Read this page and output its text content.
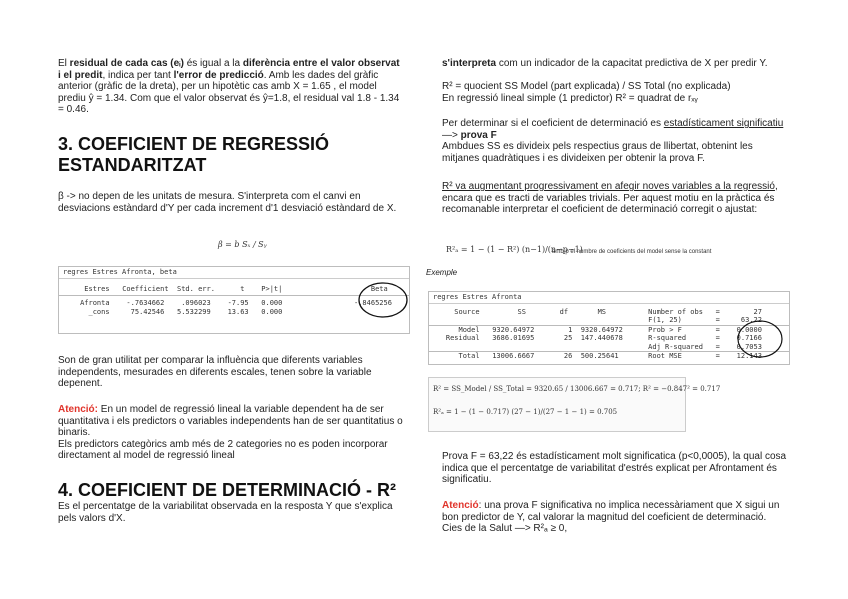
El residual de cada cas (eᵢ) és igual a la diferència entre el valor observat i el predit, indica per tant l'error de predicció. Amb les dades del gràfic anterior (gràfic de la dreta), per un hipotètic cas amb X = 1.65 , el model prediu ŷ = 1.34. Com que el valor observat és ŷ=1.8, el residual val 1.8 - 1.34 = 0.46.

3. COEFICIENT DE REGRESSIÓ ESTANDARITZAT

β -> no depen de les unitats de mesura. S'interpreta com el canvi en desviacions estàndard d'Y per cada increment d'1 desviació estàndard de X.

β = b Sₓ / Sᵧ
regres Estres Afronta, beta
Estres   Coefficient  Std. err.      t    P>|t|                     Beta
Afronta    -.7634662    .096023    -7.95   0.000                 -.8465256
_cons     75.42546   5.532299    13.63   0.000

Son de gran utilitat per comparar la influència que diferents variables independents, mesurades en diferents escales, tenen sobre la variable depenent.

Atenció: En un model de regressió lineal la variable dependent ha de ser quantitativa i els predictors o variables independents han de ser quantitatius o binaris.

Els predictors categòrics amb més de 2 categories no es poden incorporar directament al model de regressió lineal

4. COEFICIENT DE DETERMINACIÓ - R²

Es el percentatge de la variabilitat observada en la resposta Y que s'explica pels valors d'X.

s'interpreta com un indicador de la capacitat predictiva de X per predir Y.

R² = quocient SS Model (part explicada) / SS Total (no explicada)

En regressió lineal simple (1 predictor) R² = quadrat de rₓᵧ

Per determinar si el coeficient de determinació es estadísticament significatiu —> prova F
Ambdues SS es divideix pels respectius graus de llibertat, obtenint les mitjanes quadràtiques i es divideixen per obtenir la prova F.

R² va augmentant progressivament en afegir noves variables a la regressió, encara que es tracti de variables trivials. Per aquest motiu en la pràctica és recomanable interpretar el coeficient de determinació corregit o ajustat:

R²ₐ = 1 − (1 − R²) (n−1)/(n−p−1)
amb p el nombre de coeficients del model sense la constant
Exemple
regres Estres Afronta
Source         SS        df       MS          Number of obs   =        27
F(1, 25)        =     63.22
Model   9320.64972        1  9320.64972      Prob > F        =    0.0000
Residual   3686.01695       25  147.440678      R-squared       =    0.7166
Adj R-squared   =    0.7053
Total   13006.6667       26  500.25641       Root MSE        =    12.143
R² = SS_Model / SS_Total = 9320.65 / 13006.667 = 0.717; R² = −0.847² = 0.717
R²ₐ = 1 − (1 − 0.717) (27 − 1)/(27 − 1 − 1) = 0.705

Prova F = 63,22 és estadísticament molt significatica (p<0,0005), la qual cosa indica que el percentatge de variabilitat d'estrés explicat per Afrontament és significatiu.

Atenció: una prova F significativa no implica necessàriament que X sigui un bon predictor de Y, cal valorar la magnitud del coeficient de determinació. Cies de la Salut —> R²ₐ ≥ 0,
